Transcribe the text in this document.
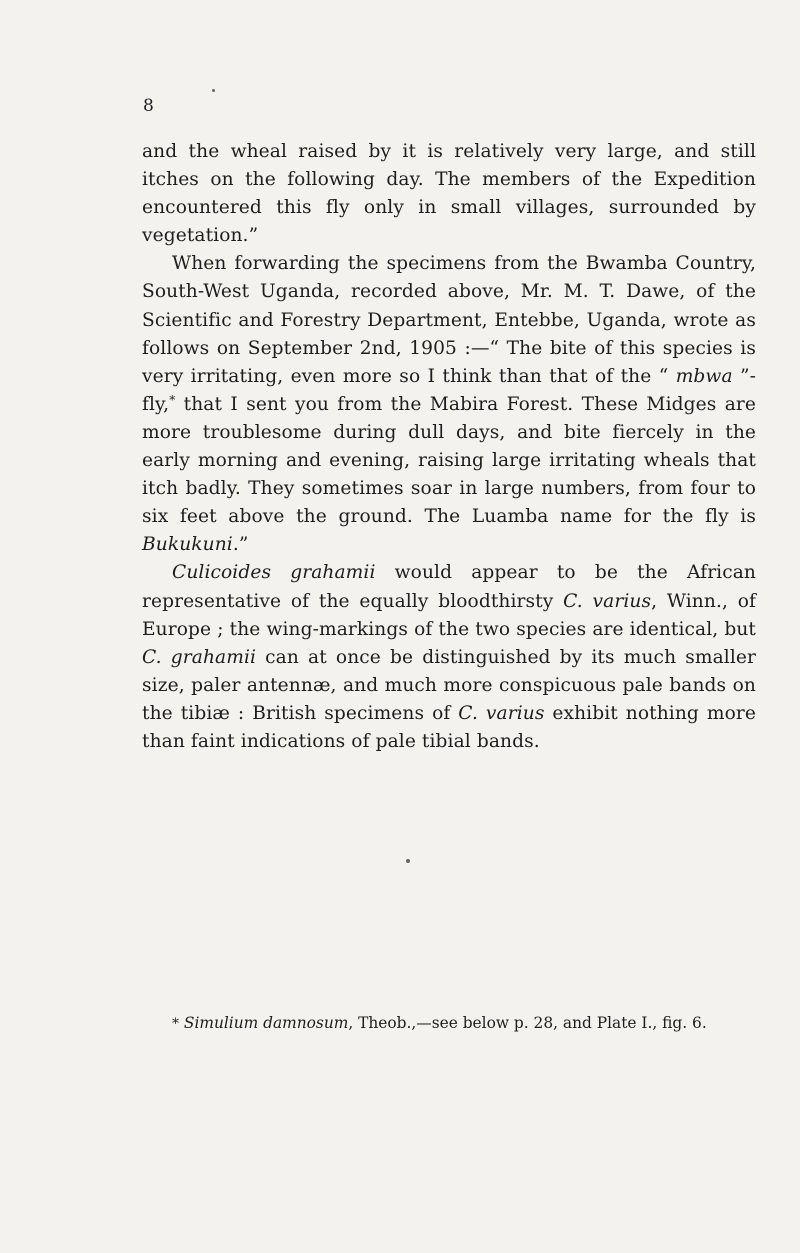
8

and the wheal raised by it is relatively very large, and still itches on the following day. The members of the Expedition encountered this fly only in small villages, surrounded by vegetation.”

When forwarding the specimens from the Bwamba Country, South-West Uganda, recorded above, Mr. M. T. Dawe, of the Scientific and Forestry Department, Entebbe, Uganda, wrote as follows on September 2nd, 1905 :—“ The bite of this species is very irritating, even more so I think than that of the “ mbwa ”-fly,* that I sent you from the Mabira Forest. These Midges are more troublesome during dull days, and bite fiercely in the early morning and evening, raising large irritating wheals that itch badly. They sometimes soar in large numbers, from four to six feet above the ground. The Luamba name for the fly is Bukukuni.”

Culicoides grahamii would appear to be the African representative of the equally bloodthirsty C. varius, Winn., of Europe ; the wing-markings of the two species are identical, but C. grahamii can at once be distinguished by its much smaller size, paler antennæ, and much more conspicuous pale bands on the tibiæ : British specimens of C. varius exhibit nothing more than faint indications of pale tibial bands.

* Simulium damnosum, Theob.,—see below p. 28, and Plate I., fig. 6.
